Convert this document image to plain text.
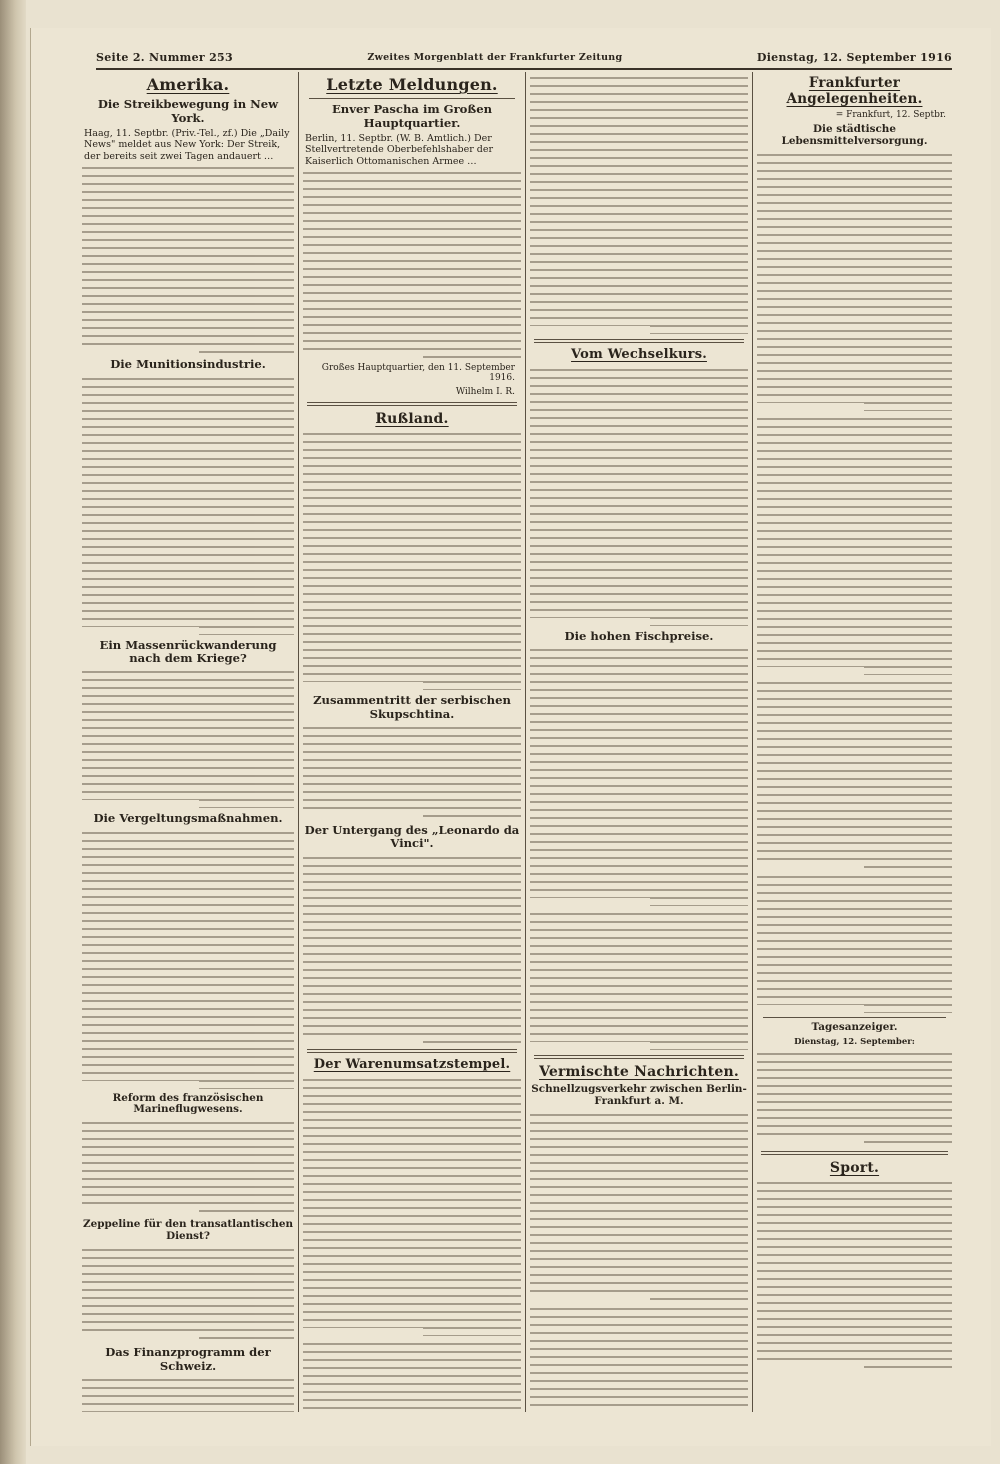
Seite 2. Nummer 253	Zweites Morgenblatt der Frankfurter Zeitung	Dienstag, 12. September 1916
Amerika.
Die Streikbewegung in New York.
Haag, 11. Septbr. (Priv.-Tel., zf.) Die „Daily News" meldet aus New York: Der Streik, der bereits seit zwei Tagen andauert …
Die Munitionsindustrie.
Ein Massenrückwanderung nach dem Kriege?
Die Vergeltungsmaßnahmen.
Reform des französischen Marineflugwesens.
Zeppeline für den transatlantischen Dienst?
Das Finanzprogramm der Schweiz.
Letzte Meldungen.
Enver Pascha im Großen Hauptquartier.
Berlin, 11. Septbr. (W. B. Amtlich.) Der Stellvertretende Oberbefehlshaber der Kaiserlich Ottomanischen Armee …
Großes Hauptquartier, den 11. September 1916.
Wilhelm I. R.
Rußland.
Zusammentritt der serbischen Skupschtina.
Der Untergang des „Leonardo da Vinci".
Der Warenumsatzstempel.
Vom Wechselkurs.
Die hohen Fischpreise.
Vermischte Nachrichten.
Schnellzugsverkehr zwischen Berlin-Frankfurt a. M.
Frankfurter Angelegenheiten.
= Frankfurt, 12. Septbr.
Die städtische Lebensmittelversorgung.
Tagesanzeiger.
Dienstag, 12. September:
Sport.
